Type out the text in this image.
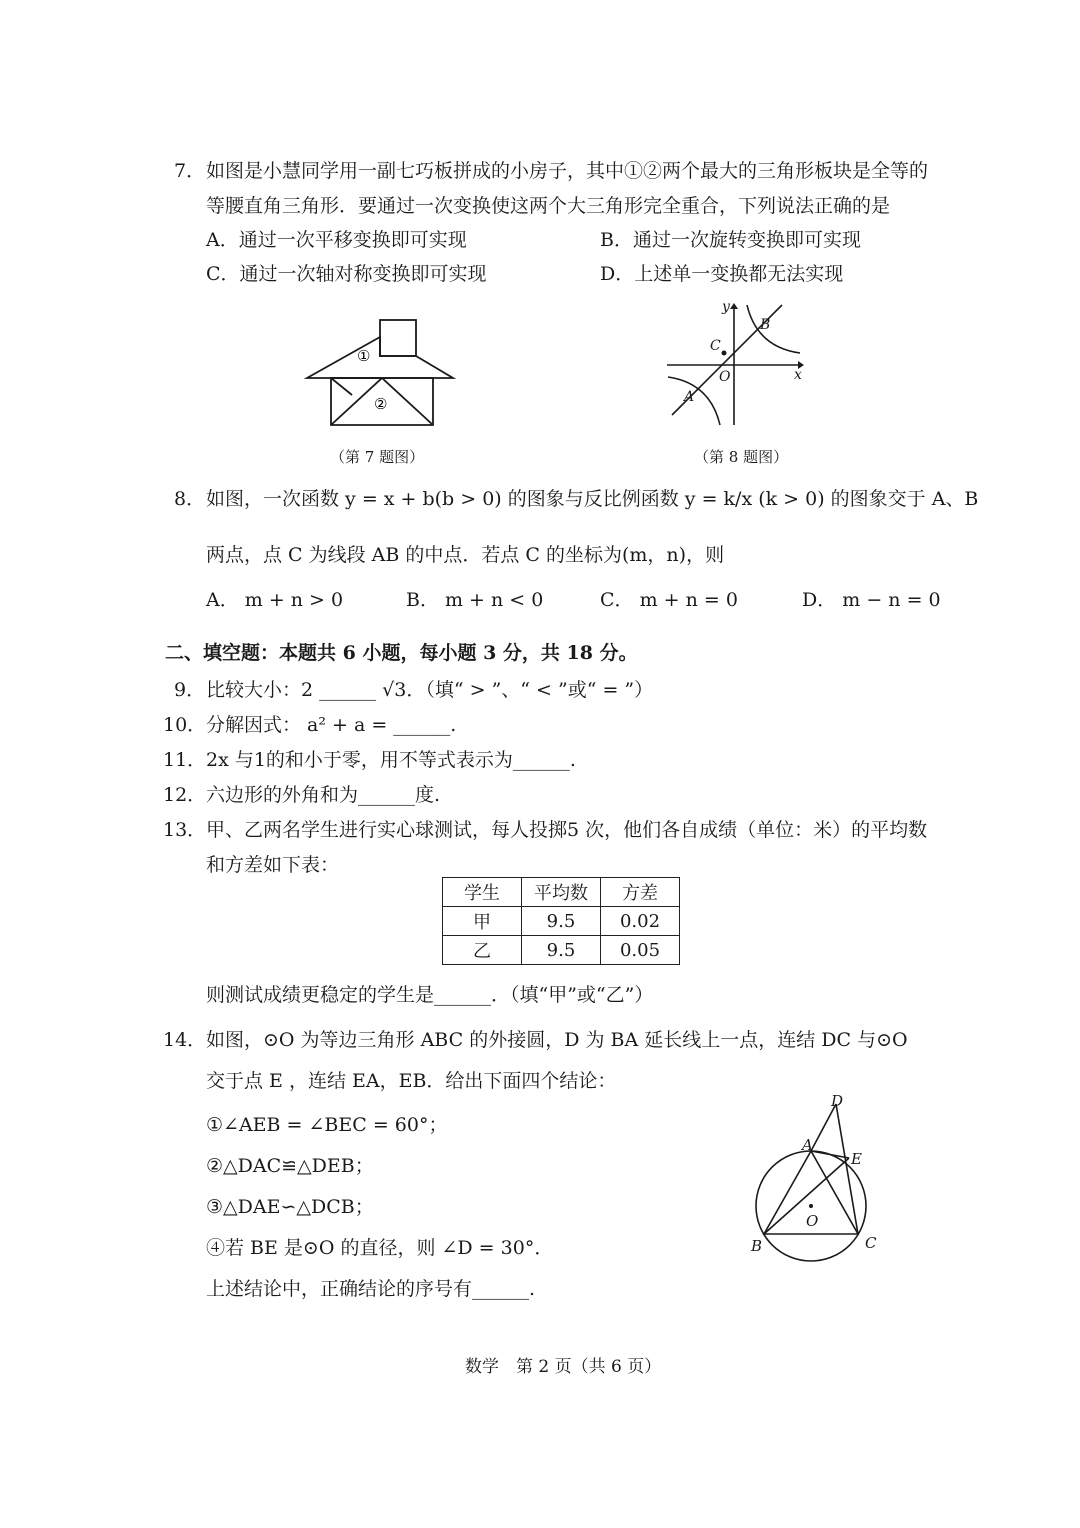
7． 如图是小慧同学用一副七巧板拼成的小房子，其中①②两个最大的三角形板块是全等的
等腰直角三角形．要通过一次变换使这两个大三角形完全重合，下列说法正确的是
A．通过一次平移变换即可实现	B．通过一次旋转变换即可实现
C．通过一次轴对称变换即可实现	D．上述单一变换都无法实现
①
②
（第 7 题图）
y
x
O
C
B
A
（第 8 题图）
8． 如图，一次函数 y = x + b(b > 0) 的图象与反比例函数 y = k/x (k > 0) 的图象交于 A、B
两点，点 C 为线段 AB 的中点．若点 C 的坐标为(m，n)，则
A． m + n > 0	B． m + n < 0	C． m + n = 0	D． m − n = 0
二、填空题：本题共 6 小题，每小题 3 分，共 18 分。
9． 比较大小：2 ______ √3．（填“ > ”、“ < ”或“ = ”）
10． 分解因式： a² + a = ______.
11． 2x 与1的和小于零，用不等式表示为______.
12． 六边形的外角和为______度.
13． 甲、乙两名学生进行实心球测试，每人投掷5 次，他们各自成绩（单位：米）的平均数
和方差如下表：
学生	平均数	方差
甲	9.5	0.02
乙	9.5	0.05
则测试成绩更稳定的学生是______．（填“甲”或“乙”）
14． 如图，⊙O 为等边三角形 ABC 的外接圆，D 为 BA 延长线上一点，连结 DC 与⊙O
交于点 E ，连结 EA，EB．给出下面四个结论：
①∠AEB = ∠BEC = 60°；
②△DAC≌△DEB；
③△DAE∽△DCB；
④若 BE 是⊙O 的直径，则 ∠D = 30°．
上述结论中，正确结论的序号有______.
D
A
E
O
B	C
数学　第 2 页（共 6 页）
